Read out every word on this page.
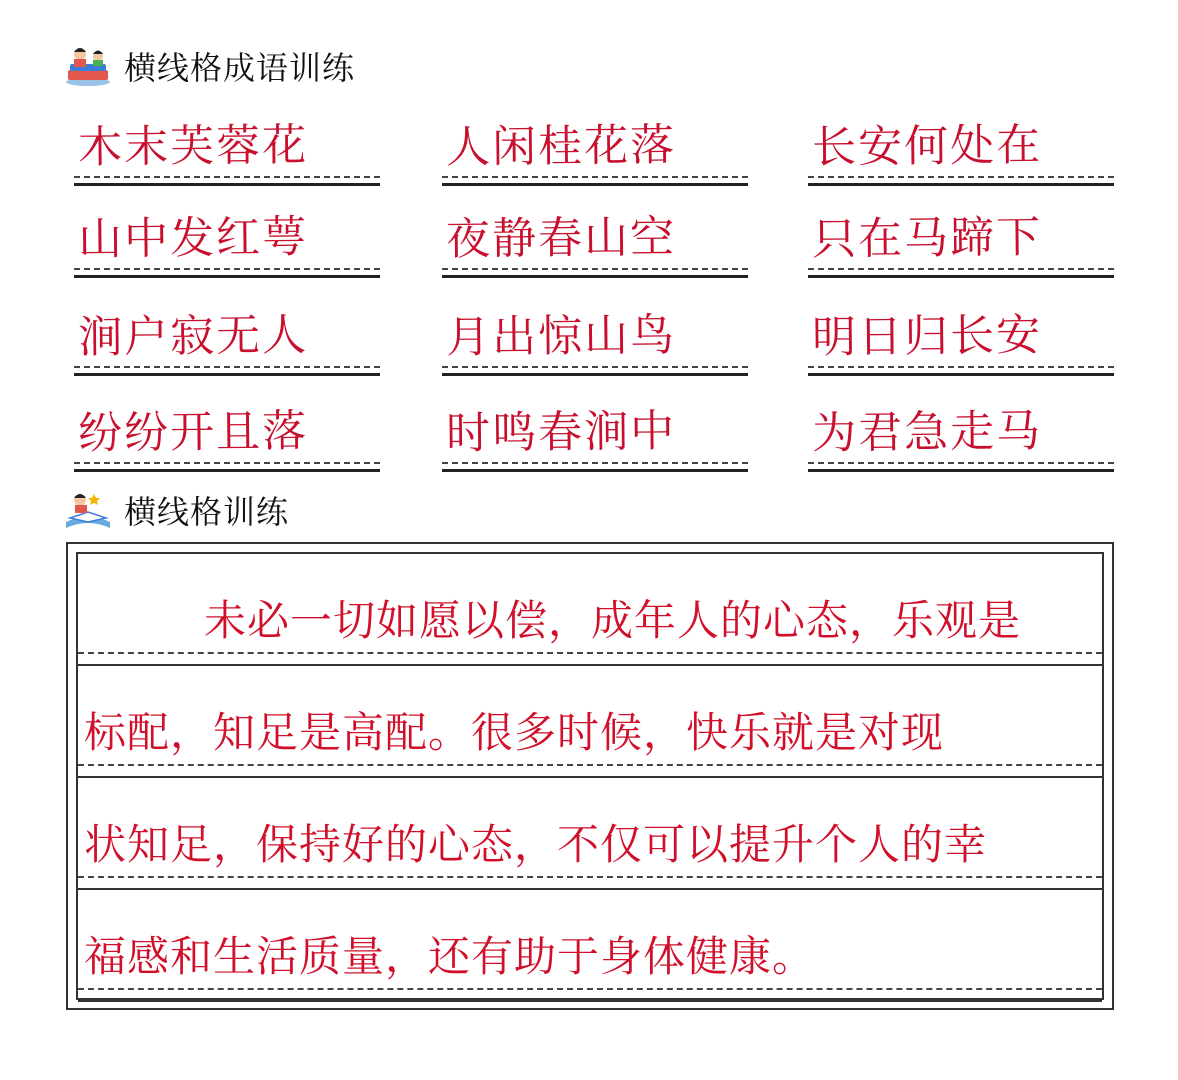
横线格成语训练
木末芙蓉花	人闲桂花落	长安何处在
山中发红萼	夜静春山空	只在马蹄下
涧户寂无人	月出惊山鸟	明日归长安
纷纷开且落	时鸣春涧中	为君急走马
横线格训练
未必一切如愿以偿，成年人的心态，乐观是
标配，知足是高配。很多时候，快乐就是对现
状知足，保持好的心态，不仅可以提升个人的幸
福感和生活质量，还有助于身体健康。
